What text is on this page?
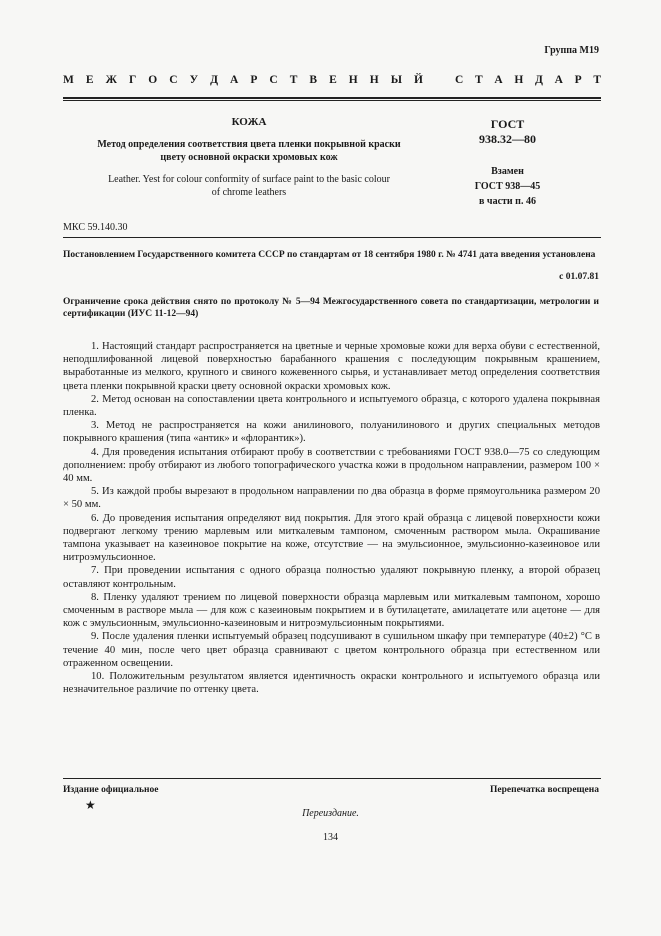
Группа М19
М Е Ж Г О С У Д А Р С Т В Е Н Н Ы Й	С Т А Н Д А Р Т
КОЖА
Метод определения соответствия цвета пленки покрывной краски
цвету основной окраски хромовых кож
Leather. Yest for colour conformity of surface paint to the basic colour
of chrome leathers
ГОСТ
938.32—80
Взамен
ГОСТ 938—45
в части п. 46
МКС 59.140.30
Постановлением Государственного комитета СССР по стандартам от 18 сентября 1980 г. № 4741 дата введения установлена
с 01.07.81
Ограничение срока действия снято по протоколу № 5—94 Межгосударственного совета по стандартизации, метрологии и сертификации (ИУС 11-12—94)

1. Настоящий стандарт распространяется на цветные и черные хромовые кожи для верха обуви с естественной, неподшлифованной лицевой поверхностью барабанного крашения с последующим покрывным крашением, выработанные из мелкого, крупного и свиного кожевенного сырья, и устанавливает метод определения соответствия цвета пленки покрывной краски цвету основной окраски хромовых кож.

2. Метод основан на сопоставлении цвета контрольного и испытуемого образца, с которого удалена покрывная пленка.

3. Метод не распространяется на кожи анилинового, полуанилинового и других специальных методов покрывного крашения (типа «антик» и «флорантик»).

4. Для проведения испытания отбирают пробу в соответствии с требованиями ГОСТ 938.0—75 со следующим дополнением: пробу отбирают из любого топографического участка кожи в продольном направлении, размером 100 × 40 мм.

5. Из каждой пробы вырезают в продольном направлении по два образца в форме прямоугольника размером 20 × 50 мм.

6. До проведения испытания определяют вид покрытия. Для этого край образца с лицевой поверхности кожи подвергают легкому трению марлевым или миткалевым тампоном, смоченным раствором мыла. Окрашивание тампона указывает на казеиновое покрытие на коже, отсутствие — на эмульсионное, эмульсионно-казеиновое или нитроэмульсионное.

7. При проведении испытания с одного образца полностью удаляют покрывную пленку, а второй образец оставляют контрольным.

8. Пленку удаляют трением по лицевой поверхности образца марлевым или миткалевым тампоном, хорошо смоченным в растворе мыла — для кож с казеиновым покрытием и в бутилацетате, амилацетате или ацетоне — для кож с эмульсионным, эмульсионно-казеиновым и нитроэмульсионным покрытиями.

9. После удаления пленки испытуемый образец подсушивают в сушильном шкафу при температуре (40±2) °С в течение 40 мин, после чего цвет образца сравнивают с цветом контрольного образца при естественном или отраженном освещении.

10. Положительным результатом является идентичность окраски контрольного и испытуемого образца или незначительное различие по оттенку цвета.

Издание официальное	Перепечатка воспрещена
★
Переиздание.
134
